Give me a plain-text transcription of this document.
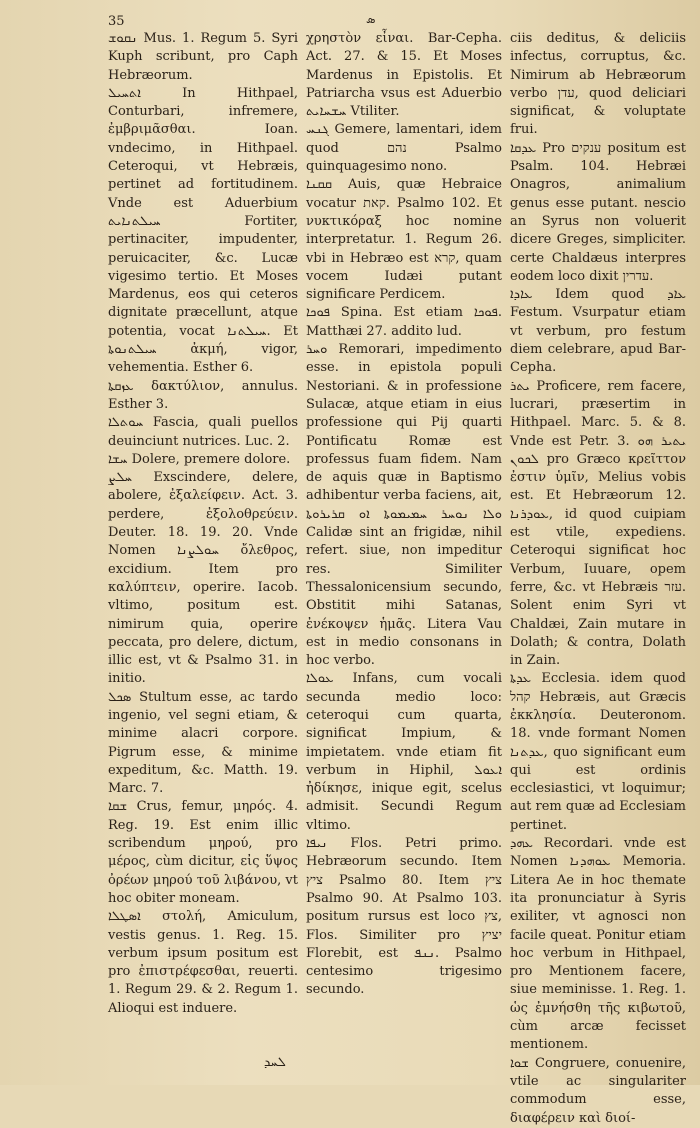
35	ܣ

ܢܩܘܫ Mus. 1. Regum 5. Syri Kuph scribunt, pro Caph Hebræorum.

ܐܬܚܝܠ In Hithpael, Conturbari, infremere, ἐμβριμᾶσθαι. Ioan. vndecimo, in Hithpael. Ceteroqui, vt Hebræis, pertinet ad fortitudinem. Vnde est Aduerbium ܚܝܠܬܢܐܝܬ Fortiter, pertinaciter, impudenter, peruicaciter, &c. Lucæ vigesimo tertio. Et Moses Mardenus, eos qui ceteros dignitate præcellunt, atque potentia, vocat ܚܝܠܬܢܐ. Et ܚܝܠܬܢܘܬܐ ἀκμή, vigor, vehementia. Esther 6.

ܥܙܩܬܐ δακτύλιον, annulus. Esther 3.

ܚܘܬܠܐ Fascia, quali puellos deuinciunt nutrices. Luc. 2.

ܚܫܐ Dolere, premere dolore.

ܚܠܨ Exscindere, delere, abolere, ἐξαλείφειν. Act. 3. perdere, ἐξολοθρεύειν. Deuter. 18. 19. 20. Vnde Nomen ܚܘܠܨܢܐ ὄλεθρος, excidium. Item pro καλύπτειν, operire. Iacob. vltimo, positum est. nimirum quia, operire peccata, pro delere, dictum, illic est, vt & Psalmo 31. in initio.

ܣܟܠ Stultum esse, ac tardo ingenio, vel segni etiam, & minime alacri corpore. Pigrum esse, & minime expeditum, &c. Matth. 19. Marc. 7.

ܫܩܐ Crus, femur, μηρός. 4. Reg. 19. Est enim illic scribendum μηρού, pro μέρος, cùm dicitur, εἰς ὕψος ὀρέων μηρού τοῦ λιβάνου, vt hoc obiter moneam.

ܐܣܛܠܐ στολή, Amiculum, vestis genus. 1. Reg. 15. verbum ipsum positum est pro ἐπιστρέφεσθαι, reuerti. 1. Regum 29. & 2. Regum 1. Alioqui est induere.

χρηστὸν εἶναι. Bar-Cepha. Act. 27. & 15. Et Moses Mardenus in Epistolis. Et Patriarcha vsus est Aduerbio ܚܫܚܐܝܬ Vtiliter.

ܓܢܚ Gemere, lamentari, idem quod נהם Psalmo quinquagesimo nono.

ܩܩܢܐ Auis, quæ Hebraice vocatur קאת. Psalmo 102. Et νυκτικόραξ hoc nomine interpretatur. 1. Regum 26. vbi in Hebræo est קרא, quam vocem Iudæi putant significare Perdicem.

ܦܘܟܐ Spina. Est etiam ܦܘܟܐ. Matthæi 27. addito lud.

ܘܚܪ Remorari, impedimento esse. in epistola populi Nestoriani. & in professione Sulacæ, atque etiam in eius professione qui Pij quarti Pontificatu Romæ est professus fuam fidem. Nam de aquis quæ in Baptismo adhibentur verba faciens, ait, ܘܠܐ ܢܘܚܪ ܚܡܝܡܘܬܐ ܐܘ ܩܪܝܪܘܬܐ Calidæ sint an frigidæ, nihil refert. siue, non impeditur res. Similiter Thessalonicensium secundo, Obstitit mihi Satanas, ἐνέκοψεν ἡμᾶς. Litera Vau est in medio consonans in hoc verbo.

ܥܘܠܐ Infans, cum vocali secunda medio loco: ceteroqui cum quarta, significat Impium, & impietatem. vnde etiam fit verbum in Hiphil, ܐܥܘܠ ἠδίκησε, inique egit, scelus admisit. Secundi Regum vltimo.

ܢܝܦܐ Flos. Petri primo. Hebræorum secundo. Item ציץ Psalmo 80. Item ציץ Psalmo 90. At Psalmo 103. positum rursus est loco צץ, Flos. Similiter pro יציץ Florebit, est ܢܢܦ. Psalmo centesimo trigesimo secundo.

ciis deditus, & deliciis infectus, corruptus, &c. Nimirum ab Hebræorum verbo עדן, quod deliciari significat, & voluptate frui.

ܥܕܩܐ Pro ענקים positum est Psalm. 104. Hebræi Onagros, animalium genus esse putant. nescio an Syrus non voluerit dicere Greges, simpliciter. certe Chaldæus interpres eodem loco dixit עדרין.

ܥܐܕܐ Idem quod ܥܐܕ Festum. Vsurpatur etiam vt verbum, pro festum diem celebrare, apud Bar-Cepha.

ܝܬܪ Proficere, rem facere, lucrari, præsertim in Hithpael. Marc. 5. & 8. Vnde est Petr. 3. ܝܬܝܪ ܗܘ ܠܟܘܢ pro Græco κρεῖττον ἐστιν ὑμῖν, Melius vobis est. Et Hebræorum 12. ܥܘܕܪܢܐ, id quod cuipiam est vtile, expediens. Ceteroqui significat hoc Verbum, Iuuare, opem ferre, &c. vt Hebræis עזר. Solent enim Syri vt Chaldæi, Zain mutare in Dolath; & contra, Dolath in Zain.

ܥܕܬܐ Ecclesia. idem quod קהל Hebræis, aut Græcis ἐκκλησία. Deuteronom. 18. vnde formant Nomen ܥܕܬܢܐ, quo significant eum qui est ordinis ecclesiastici, vt loquimur; aut rem quæ ad Ecclesiam pertinet.

ܥܗܕ Recordari. vnde est Nomen ܥܘܗܕܢܐ Memoria. Litera Ae in hoc themate ita pronunciatur à Syris exiliter, vt agnosci non facile queat. Ponitur etiam hoc verbum in Hithpael, pro Mentionem facere, siue meminisse. 1. Reg. 1. ὡς ἐμνήσθη τῆς κιβωτοῦ, cùm arcæ fecisset mentionem.

ܫܘܐ Congruere, conuenire, vtile ac singulariter commodum esse, διαφέρειν καὶ διοί-

ܠܚܕ
